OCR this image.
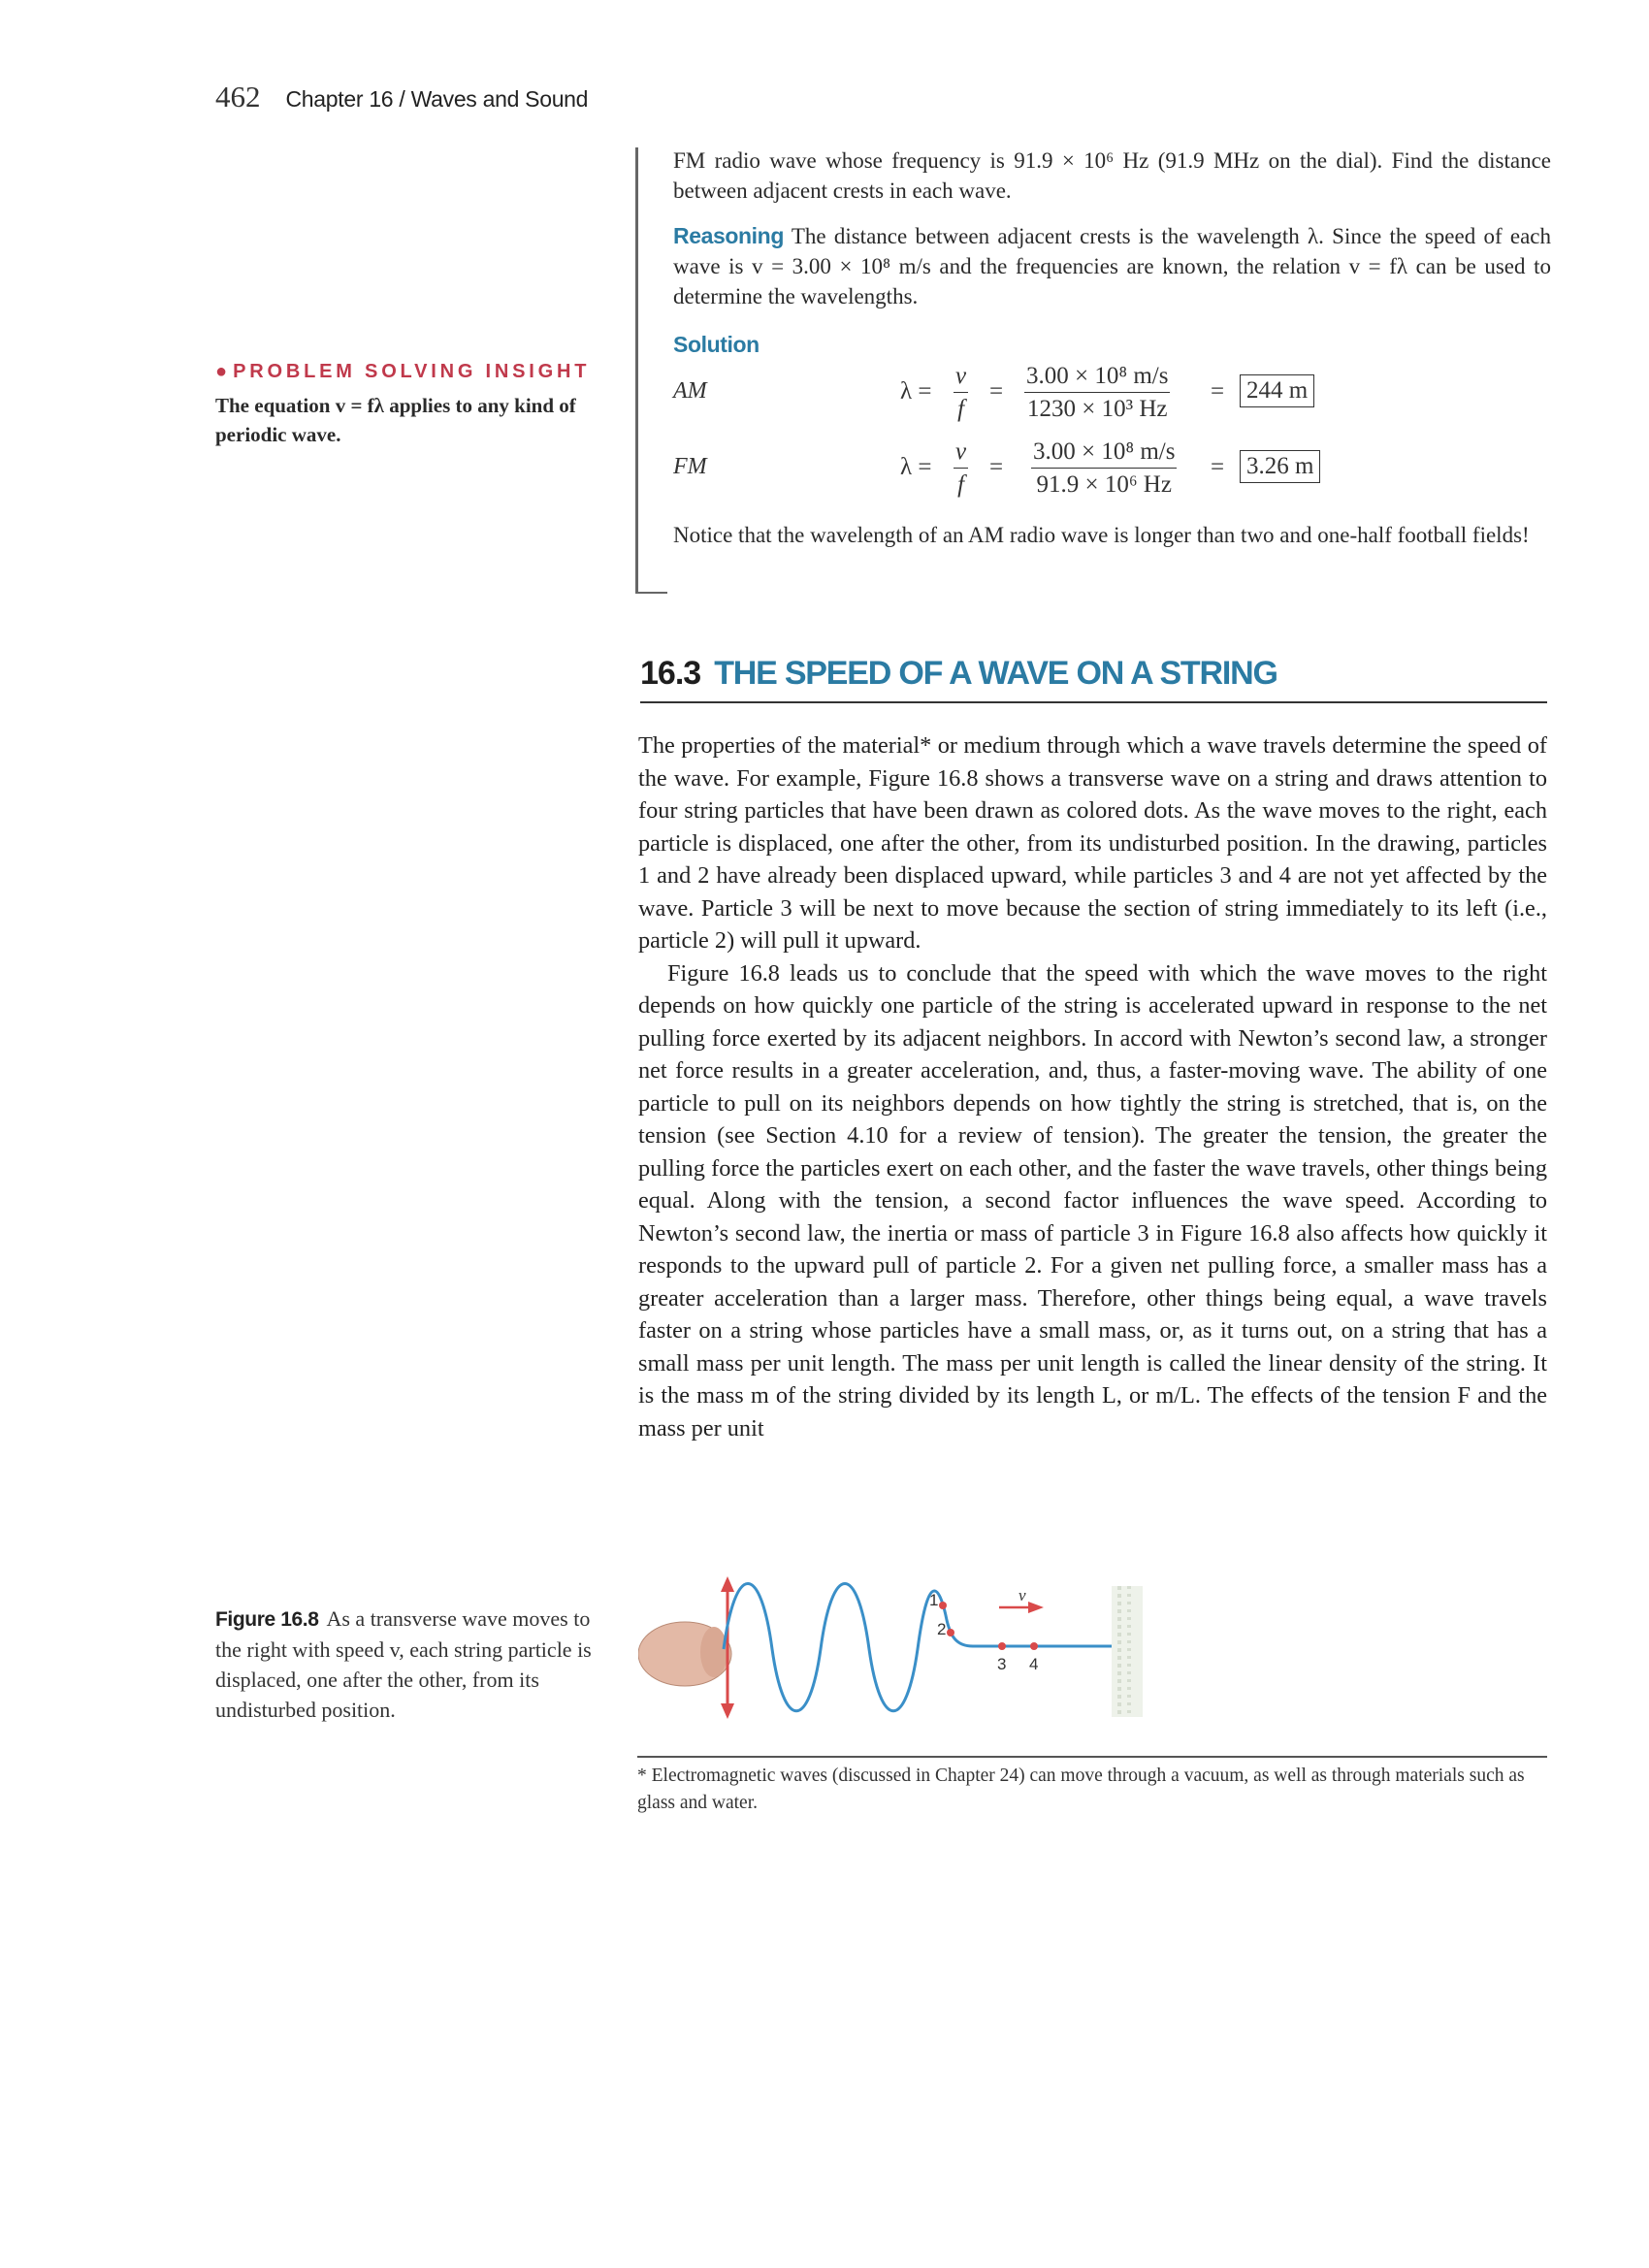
462 Chapter 16 / Waves and Sound
FM radio wave whose frequency is 91.9 × 10⁶ Hz (91.9 MHz on the dial). Find the distance between adjacent crests in each wave.
Reasoning The distance between adjacent crests is the wavelength λ. Since the speed of each wave is v = 3.00 × 10⁸ m/s and the frequencies are known, the relation v = fλ can be used to determine the wavelengths.
Solution
AM	$\lambda = \frac{v}{f} = \frac{\text{3.00 × 10⁸ m/s}}{\text{1230 × 10³ Hz}} = 244$ m
FM	$\lambda = \frac{v}{f} = \frac{\text{3.00 × 10⁸ m/s}}{\text{91.9 × 10⁶ Hz}} = 3.26$ m
Notice that the wavelength of an AM radio wave is longer than two and one-half football fields!
● PROBLEM SOLVING INSIGHT
The equation v = fλ applies to any kind of periodic wave.
16.3 THE SPEED OF A WAVE ON A STRING

The properties of the material* or medium through which a wave travels determine the speed of the wave. For example, Figure 16.8 shows a transverse wave on a string and draws attention to four string particles that have been drawn as colored dots. As the wave moves to the right, each particle is displaced, one after the other, from its undisturbed position. In the drawing, particles 1 and 2 have already been displaced upward, while particles 3 and 4 are not yet affected by the wave. Particle 3 will be next to move because the section of string immediately to its left (i.e., particle 2) will pull it upward.

Figure 16.8 leads us to conclude that the speed with which the wave moves to the right depends on how quickly one particle of the string is accelerated upward in response to the net pulling force exerted by its adjacent neighbors. In accord with Newton’s second law, a stronger net force results in a greater acceleration, and, thus, a faster-moving wave. The ability of one particle to pull on its neighbors depends on how tightly the string is stretched, that is, on the tension (see Section 4.10 for a review of tension). The greater the tension, the greater the pulling force the particles exert on each other, and the faster the wave travels, other things being equal. Along with the tension, a second factor influences the wave speed. According to Newton’s second law, the inertia or mass of particle 3 in Figure 16.8 also affects how quickly it responds to the upward pull of particle 2. For a given net pulling force, a smaller mass has a greater acceleration than a larger mass. Therefore, other things being equal, a wave travels faster on a string whose particles have a small mass, or, as it turns out, on a string that has a small mass per unit length. The mass per unit length is called the linear density of the string. It is the mass m of the string divided by its length L, or m/L. The effects of the tension F and the mass per unit

1
2
3 4
v
Figure 16.8 As a transverse wave moves to the right with speed v, each string particle is displaced, one after the other, from its undisturbed position.
* Electromagnetic waves (discussed in Chapter 24) can move through a vacuum, as well as through materials such as glass and water.
